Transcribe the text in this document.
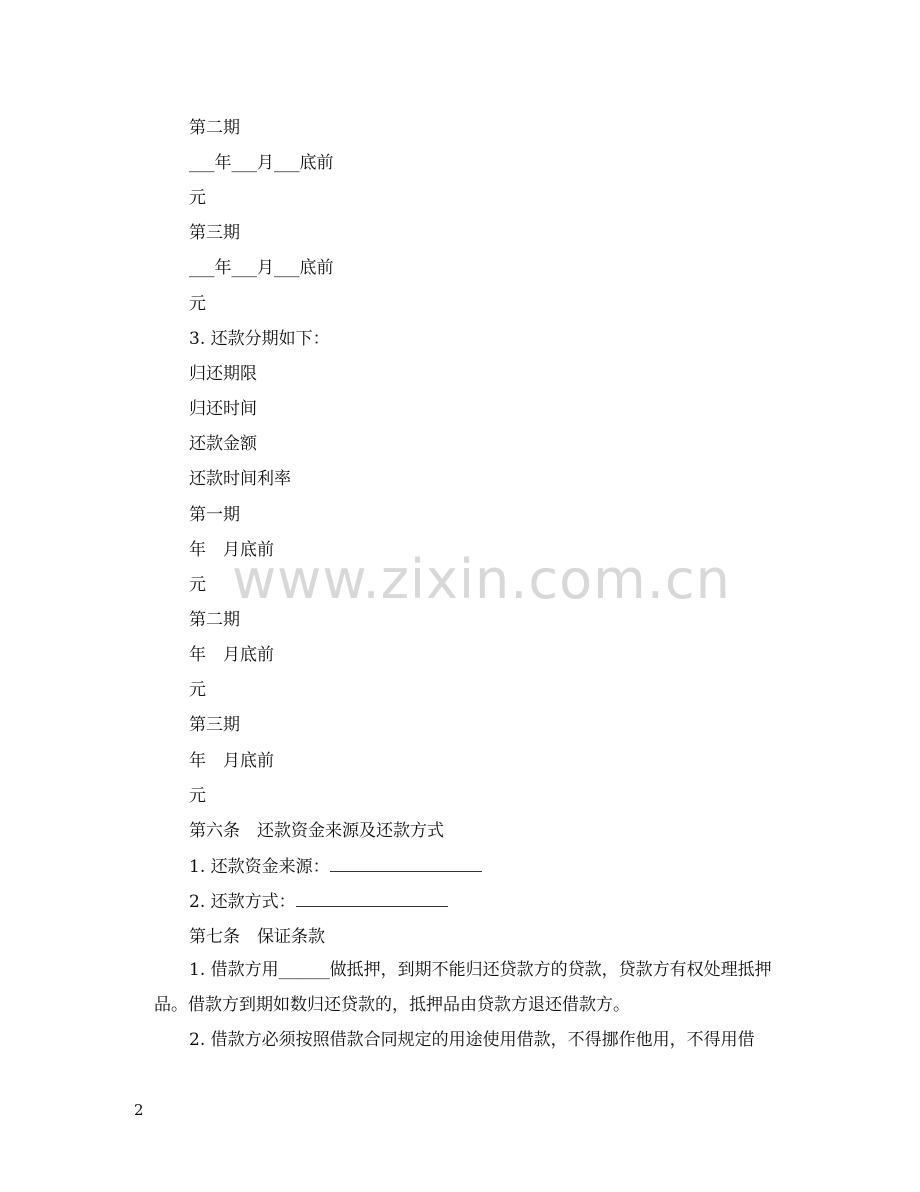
第二期
___年___月___底前
元
第三期
___年___月___底前
元
3. 还款分期如下：
归还期限
归还时间
还款金额
还款时间利率
第一期
年　月底前
元
第二期
年　月底前
元
第三期
年　月底前
元
第六条　还款资金来源及还款方式
1. 还款资金来源：
2. 还款方式：
第七条　保证条款
1. 借款方用______做抵押，到期不能归还贷款方的贷款，贷款方有权处理抵押品。借款方到期如数归还贷款的，抵押品由贷款方退还借款方。
2. 借款方必须按照借款合同规定的用途使用借款，不得挪作他用，不得用借
www.zixin.com.cn
2
